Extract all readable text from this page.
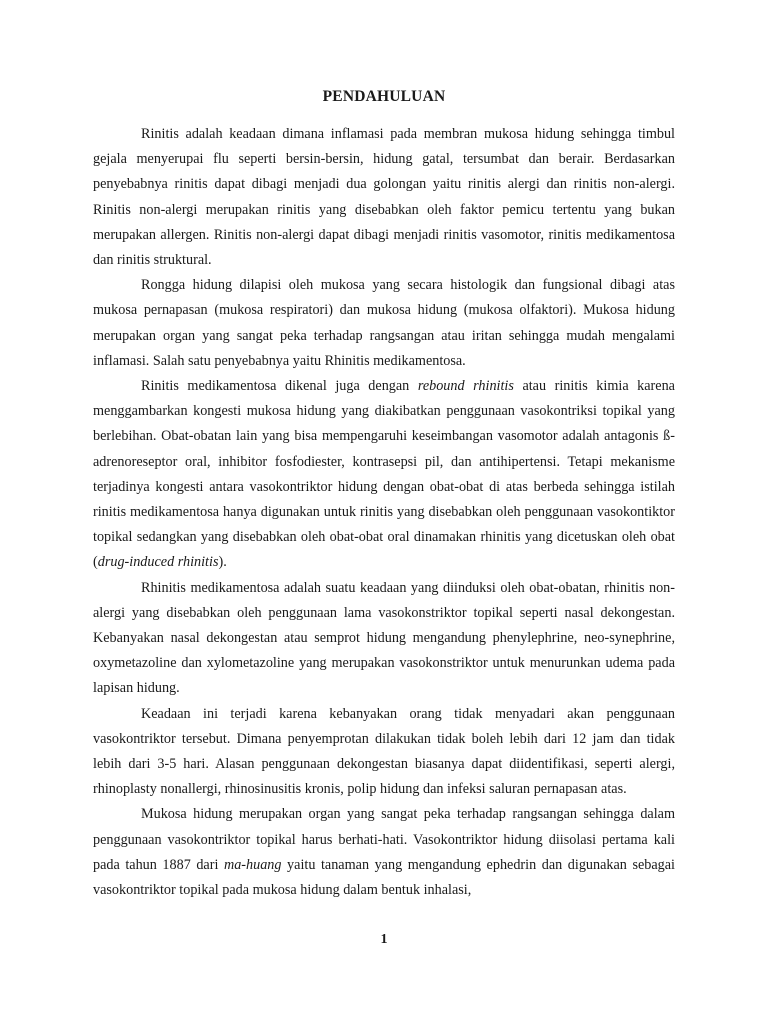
PENDAHULUAN

Rinitis adalah keadaan dimana inflamasi pada membran mukosa hidung sehingga timbul gejala menyerupai flu seperti bersin-bersin, hidung gatal, tersumbat dan berair. Berdasarkan penyebabnya rinitis dapat dibagi menjadi dua golongan yaitu rinitis alergi dan rinitis non-alergi. Rinitis non-alergi merupakan rinitis yang disebabkan oleh faktor pemicu tertentu yang bukan merupakan allergen. Rinitis non-alergi dapat dibagi menjadi rinitis vasomotor, rinitis medikamentosa dan rinitis struktural.

Rongga hidung dilapisi oleh mukosa yang secara histologik dan fungsional dibagi atas mukosa pernapasan (mukosa respiratori) dan mukosa hidung (mukosa olfaktori). Mukosa hidung merupakan organ yang sangat peka terhadap rangsangan atau iritan sehingga mudah mengalami inflamasi. Salah satu penyebabnya yaitu Rhinitis medikamentosa.

Rinitis medikamentosa dikenal juga dengan rebound rhinitis atau rinitis kimia karena menggambarkan kongesti mukosa hidung yang diakibatkan penggunaan vasokontriksi topikal yang berlebihan. Obat-obatan lain yang bisa mempengaruhi keseimbangan vasomotor adalah antagonis ß-adrenoreseptor oral, inhibitor fosfodiester, kontrasepsi pil, dan antihipertensi. Tetapi mekanisme terjadinya kongesti antara vasokontriktor hidung dengan obat-obat di atas berbeda sehingga istilah rinitis medikamentosa hanya digunakan untuk rinitis yang disebabkan oleh penggunaan vasokontiktor topikal sedangkan yang disebabkan oleh obat-obat oral dinamakan rhinitis yang dicetuskan oleh obat (drug-induced rhinitis).

Rhinitis medikamentosa adalah suatu keadaan yang diinduksi oleh obat-obatan, rhinitis non-alergi yang disebabkan oleh penggunaan lama vasokonstriktor topikal seperti nasal dekongestan. Kebanyakan nasal dekongestan atau semprot hidung mengandung phenylephrine, neo-synephrine, oxymetazoline dan xylometazoline yang merupakan vasokonstriktor untuk menurunkan udema pada lapisan hidung.

Keadaan ini terjadi karena kebanyakan orang tidak menyadari akan penggunaan vasokontriktor tersebut. Dimana penyemprotan dilakukan tidak boleh lebih dari 12 jam dan tidak lebih dari 3-5 hari. Alasan penggunaan dekongestan biasanya dapat diidentifikasi, seperti alergi, rhinoplasty nonallergi, rhinosinusitis kronis, polip hidung dan infeksi saluran pernapasan atas.

Mukosa hidung merupakan organ yang sangat peka terhadap rangsangan sehingga dalam penggunaan vasokontriktor topikal harus berhati-hati. Vasokontriktor hidung diisolasi pertama kali pada tahun 1887 dari ma-huang yaitu tanaman yang mengandung ephedrin dan digunakan sebagai vasokontriktor topikal pada mukosa hidung dalam bentuk inhalasi,

1
